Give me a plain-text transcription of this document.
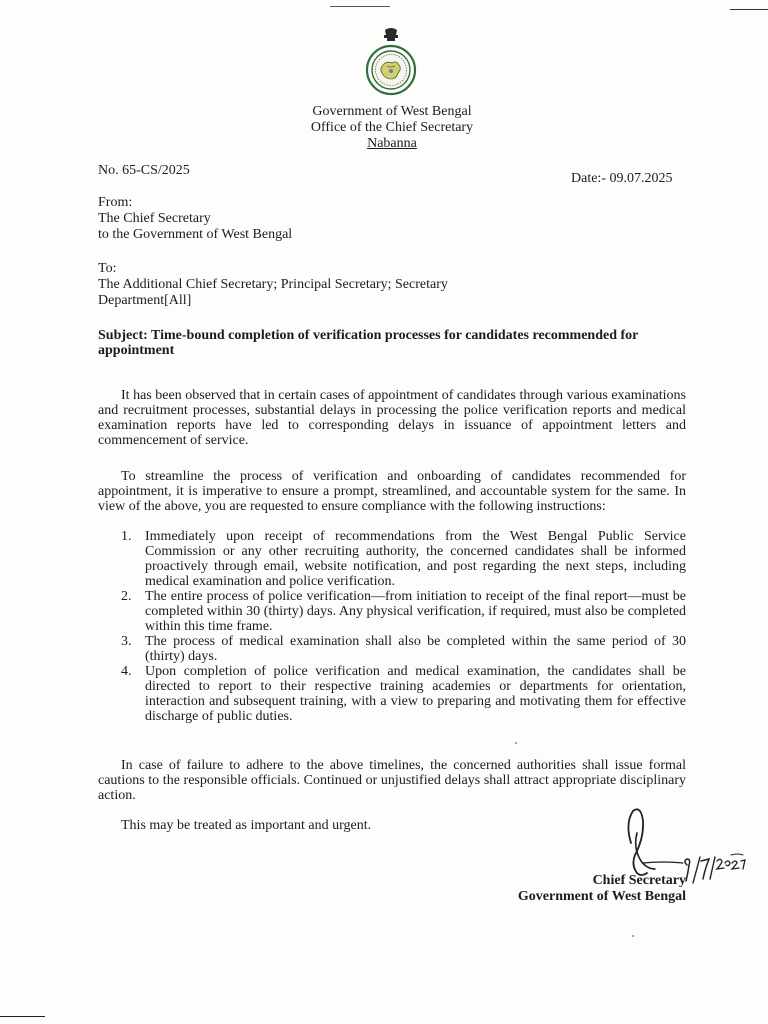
Government of West Bengal
Office of the Chief Secretary
Nabanna
No. 65-CS/2025
Date:- 09.07.2025
From:
The Chief Secretary
to the Government of West Bengal
To:
The Additional Chief Secretary; Principal Secretary; Secretary
Department[All]
Subject: Time-bound completion of verification processes for candidates recommended for appointment

It has been observed that in certain cases of appointment of candidates through various examinations and recruitment processes, substantial delays in processing the police verification reports and medical examination reports have led to corresponding delays in issuance of appointment letters and commencement of service.

To streamline the process of verification and onboarding of candidates recommended for appointment, it is imperative to ensure a prompt, streamlined, and accountable system for the same. In view of the above, you are requested to ensure compliance with the following instructions:

1. Immediately upon receipt of recommendations from the West Bengal Public Service Commission or any other recruiting authority, the concerned candidates shall be informed proactively through email, website notification, and post regarding the next steps, including medical examination and police verification.
2. The entire process of police verification—from initiation to receipt of the final report—must be completed within 30 (thirty) days. Any physical verification, if required, must also be completed within this time frame.
3. The process of medical examination shall also be completed within the same period of 30 (thirty) days.
4. Upon completion of police verification and medical examination, the candidates shall be directed to report to their respective training academies or departments for orientation, interaction and subsequent training, with a view to preparing and motivating them for effective discharge of public duties.

In case of failure to adhere to the above timelines, the concerned authorities shall issue formal cautions to the responsible officials. Continued or unjustified delays shall attract appropriate disciplinary action.

This may be treated as important and urgent.

Chief Secretary
Government of West Bengal
